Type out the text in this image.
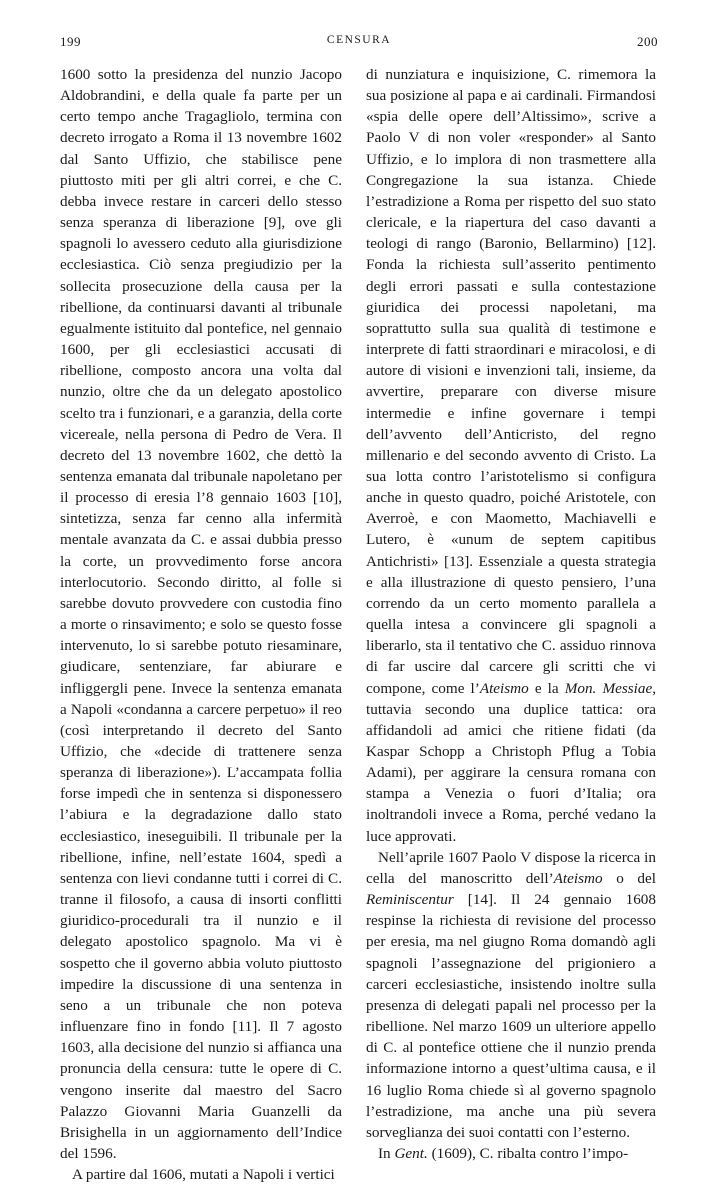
199	CENSURA	200

1600 sotto la presidenza del nunzio Jacopo Aldobrandini, e della quale fa parte per un certo tempo anche Tragagliolo, termina con decreto irrogato a Roma il 13 novembre 1602 dal Santo Uffizio, che stabilisce pene piuttosto miti per gli altri correi, e che C. debba invece restare in carceri dello stesso senza speranza di liberazione [9], ove gli spagnoli lo avessero ceduto alla giurisdizione ecclesiastica. Ciò senza pregiudizio per la sollecita prosecuzione della causa per la ribellione, da continuarsi davanti al tribunale egualmente istituito dal pontefice, nel gennaio 1600, per gli ecclesiastici accusati di ribellione, composto ancora una volta dal nunzio, oltre che da un delegato apostolico scelto tra i funzionari, e a garanzia, della corte vicereale, nella persona di Pedro de Vera. Il decreto del 13 novembre 1602, che dettò la sentenza emanata dal tribunale napoletano per il processo di eresia l’8 gennaio 1603 [10], sintetizza, senza far cenno alla infermità mentale avanzata da C. e assai dubbia presso la corte, un provvedimento forse ancora interlocutorio. Secondo diritto, al folle si sarebbe dovuto provvedere con custodia fino a morte o rinsavimento; e solo se questo fosse intervenuto, lo si sarebbe potuto riesaminare, giudicare, sentenziare, far abiurare e infliggergli pene. Invece la sentenza emanata a Napoli «condanna a carcere perpetuo» il reo (così interpretando il decreto del Santo Uffizio, che «decide di trattenere senza speranza di liberazione»). L’accampata follia forse impedì che in sentenza si disponessero l’abiura e la degradazione dallo stato ecclesiastico, ineseguibili. Il tribunale per la ribellione, infine, nell’estate 1604, spedì a sentenza con lievi condanne tutti i correi di C. tranne il filosofo, a causa di insorti conflitti giuridico-procedurali tra il nunzio e il delegato apostolico spagnolo. Ma vi è sospetto che il governo abbia voluto piuttosto impedire la discussione di una sentenza in seno a un tribunale che non poteva influenzare fino in fondo [11]. Il 7 agosto 1603, alla decisione del nunzio si affianca una pronuncia della censura: tutte le opere di C. vengono inserite dal maestro del Sacro Palazzo Giovanni Maria Guanzelli da Brisighella in un aggiornamento dell’Indice del 1596.

A partire dal 1606, mutati a Napoli i vertici

di nunziatura e inquisizione, C. rimemora la sua posizione al papa e ai cardinali. Firmandosi «spia delle opere dell’Altissimo», scrive a Paolo V di non voler «responder» al Santo Uffizio, e lo implora di non trasmettere alla Congregazione la sua istanza. Chiede l’estradizione a Roma per rispetto del suo stato clericale, e la riapertura del caso davanti a teologi di rango (Baronio, Bellarmino) [12]. Fonda la richiesta sull’asserito pentimento degli errori passati e sulla contestazione giuridica dei processi napoletani, ma soprattutto sulla sua qualità di testimone e interprete di fatti straordinari e miracolosi, e di autore di visioni e invenzioni tali, insieme, da avvertire, preparare con diverse misure intermedie e infine governare i tempi dell’avvento dell’Anticristo, del regno millenario e del secondo avvento di Cristo. La sua lotta contro l’aristotelismo si configura anche in questo quadro, poiché Aristotele, con Averroè, e con Maometto, Machiavelli e Lutero, è «unum de septem capitibus Antichristi» [13]. Essenziale a questa strategia e alla illustrazione di questo pensiero, l’una correndo da un certo momento parallela a quella intesa a convincere gli spagnoli a liberarlo, sta il tentativo che C. assiduo rinnova di far uscire dal carcere gli scritti che vi compone, come l’Ateismo e la Mon. Messiae, tuttavia secondo una duplice tattica: ora affidandoli ad amici che ritiene fidati (da Kaspar Schopp a Christoph Pflug a Tobia Adami), per aggirare la censura romana con stampa a Venezia o fuori d’Italia; ora inoltrandoli invece a Roma, perché vedano la luce approvati.

Nell’aprile 1607 Paolo V dispose la ricerca in cella del manoscritto dell’Ateismo o del Reminiscentur [14]. Il 24 gennaio 1608 respinse la richiesta di revisione del processo per eresia, ma nel giugno Roma domandò agli spagnoli l’assegnazione del prigioniero a carceri ecclesiastiche, insistendo inoltre sulla presenza di delegati papali nel processo per la ribellione. Nel marzo 1609 un ulteriore appello di C. al pontefice ottiene che il nunzio prenda informazione intorno a quest’ultima causa, e il 16 luglio Roma chiede sì al governo spagnolo l’estradizione, ma anche una più severa sorveglianza dei suoi contatti con l’esterno.

In Gent. (1609), C. ribalta contro l’impo-
